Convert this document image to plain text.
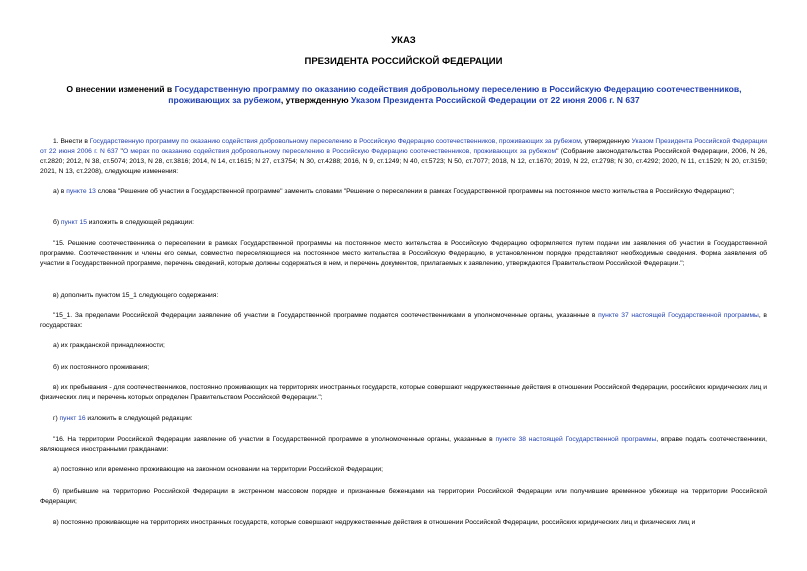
УКАЗ
ПРЕЗИДЕНТА РОССИЙСКОЙ ФЕДЕРАЦИИ
О внесении изменений в Государственную программу по оказанию содействия добровольному переселению в Российскую Федерацию соотечественников, проживающих за рубежом, утвержденную Указом Президента Российской Федерации от 22 июня 2006 г. N 637

1. Внести в Государственную программу по оказанию содействия добровольному переселению в Российскую Федерацию соотечественников, проживающих за рубежом, утвержденную Указом Президента Российской Федерации от 22 июня 2006 г. N 637 "О мерах по оказанию содействия добровольному переселению в Российскую Федерацию соотечественников, проживающих за рубежом" (Собрание законодательства Российской Федерации, 2006, N 26, ст.2820; 2012, N 38, ст.5074; 2013, N 28, ст.3816; 2014, N 14, ст.1615; N 27, ст.3754; N 30, ст.4288; 2016, N 9, ст.1249; N 40, ст.5723; N 50, ст.7077; 2018, N 12, ст.1670; 2019, N 22, ст.2798; N 30, ст.4292; 2020, N 11, ст.1529; N 20, ст.3159; 2021, N 13, ст.2208), следующие изменения:

а) в пункте 13 слова "Решение об участии в Государственной программе" заменить словами "Решение о переселении в рамках Государственной программы на постоянное место жительства в Российскую Федерацию";

б) пункт 15 изложить в следующей редакции:

"15. Решение соотечественника о переселении в рамках Государственной программы на постоянное место жительства в Российскую Федерацию оформляется путем подачи им заявления об участии в Государственной программе. Соотечественник и члены его семьи, совместно переселяющиеся на постоянное место жительства в Российскую Федерацию, в установленном порядке представляют необходимые сведения. Форма заявления об участии в Государственной программе, перечень сведений, которые должны содержаться в нем, и перечень документов, прилагаемых к заявлению, утверждаются Правительством Российской Федерации.";

в) дополнить пунктом 15_1 следующего содержания:

"15_1. За пределами Российской Федерации заявление об участии в Государственной программе подается соотечественниками в уполномоченные органы, указанные в пункте 37 настоящей Государственной программы, в государствах:

а) их гражданской принадлежности;

б) их постоянного проживания;

в) их пребывания - для соотечественников, постоянно проживающих на территориях иностранных государств, которые совершают недружественные действия в отношении Российской Федерации, российских юридических лиц и физических лиц и перечень которых определен Правительством Российской Федерации.";

г) пункт 16 изложить в следующей редакции:

"16. На территории Российской Федерации заявление об участии в Государственной программе в уполномоченные органы, указанные в пункте 38 настоящей Государственной программы, вправе подать соотечественники, являющиеся иностранными гражданами:

а) постоянно или временно проживающие на законном основании на территории Российской Федерации;

б) прибывшие на территорию Российской Федерации в экстренном массовом порядке и признанные беженцами на территории Российской Федерации или получившие временное убежище на территории Российской Федерации;

в) постоянно проживающие на территориях иностранных государств, которые совершают недружественные действия в отношении Российской Федерации, российских юридических лиц и физических лиц и
